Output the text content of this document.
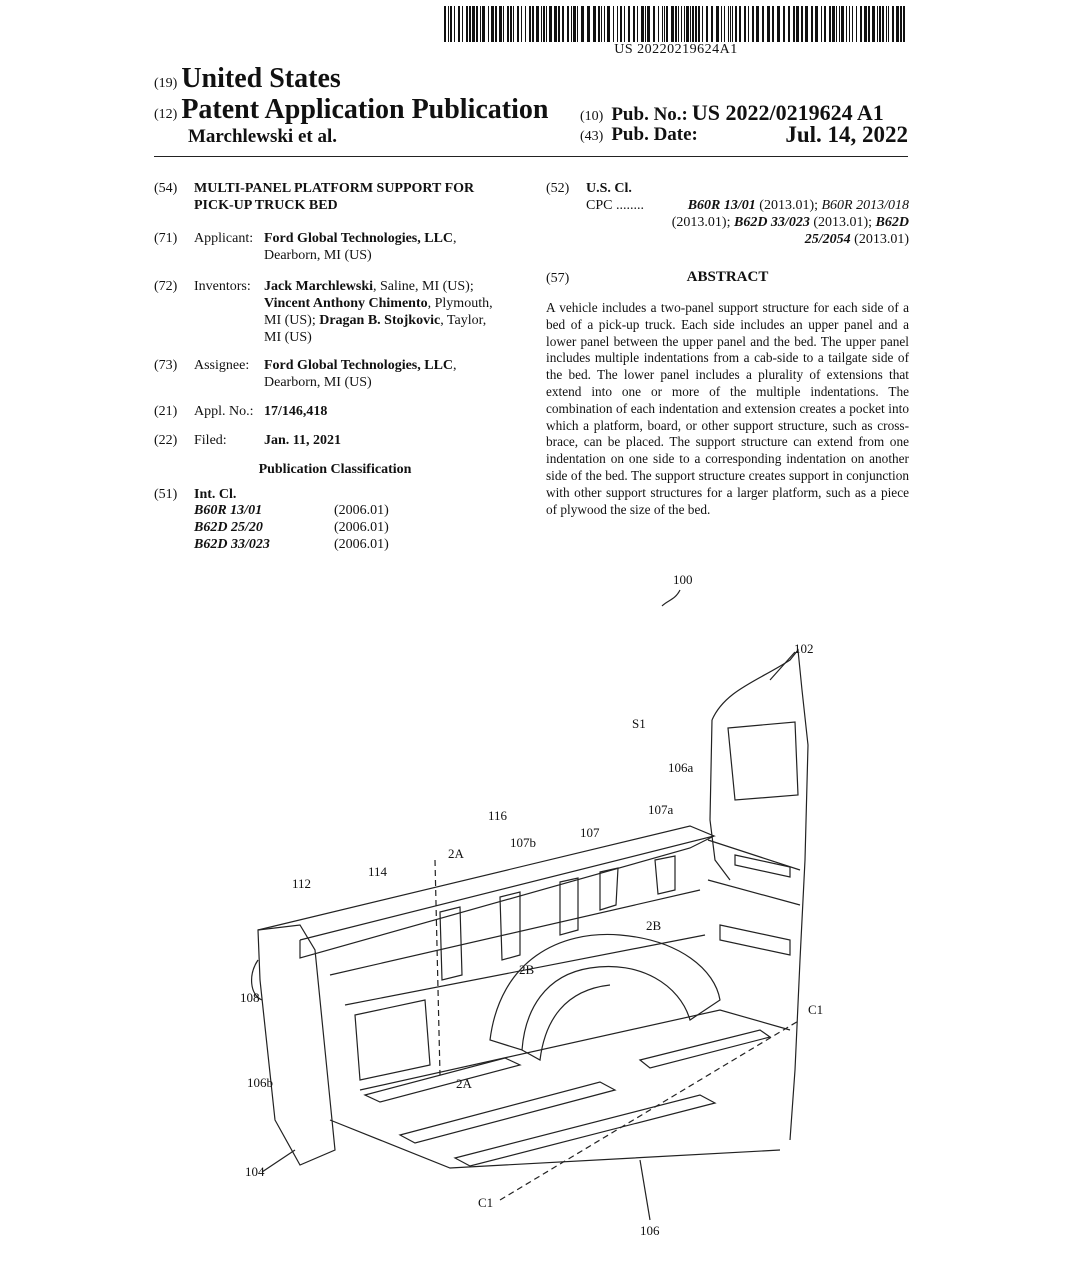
US 20220219624A1
(19) United States
(12) Patent Application Publication
Marchlewski et al.
(10) Pub. No.: US 2022/0219624 A1
(43) Pub. Date:	Jul. 14, 2022
(54) MULTI-PANEL PLATFORM SUPPORT FOR
PICK-UP TRUCK BED
(71) Applicant: Ford Global Technologies, LLC,
Dearborn, MI (US)
(72) Inventors: Jack Marchlewski, Saline, MI (US);
Vincent Anthony Chimento, Plymouth,
MI (US); Dragan B. Stojkovic, Taylor,
MI (US)
(73) Assignee: Ford Global Technologies, LLC,
Dearborn, MI (US)
(21) Appl. No.: 17/146,418
(22) Filed:	Jan. 11, 2021
Publication Classification
(51) Int. Cl.
B60R 13/01	(2006.01)
B62D 25/20	(2006.01)
B62D 33/023	(2006.01)
(52) U.S. Cl.
CPC ........	B60R 13/01 (2013.01); B60R 2013/018
(2013.01); B62D 33/023 (2013.01); B62D
25/2054 (2013.01)
(57)	ABSTRACT
A vehicle includes a two-panel support structure for each side of a bed of a pick-up truck. Each side includes an upper panel and a lower panel between the upper panel and the bed. The upper panel includes multiple indentations from a cab-side to a tailgate side of the bed. The lower panel includes a plurality of extensions that extend into one or more of the multiple indentations. The combination of each indentation and extension creates a pocket into which a platform, board, or other support structure, such as cross-brace, can be placed. The support structure can extend from one indentation on one side to a corresponding indentation on another side of the bed. The support structure creates support in conjunction with other support structures for a larger platform, such as a piece of plywood the size of the bed.
100
102
S1
106a
107a
116
107b
107
2A
114
112
2B
2B
108
C1
106b	2A
104
C1
106
